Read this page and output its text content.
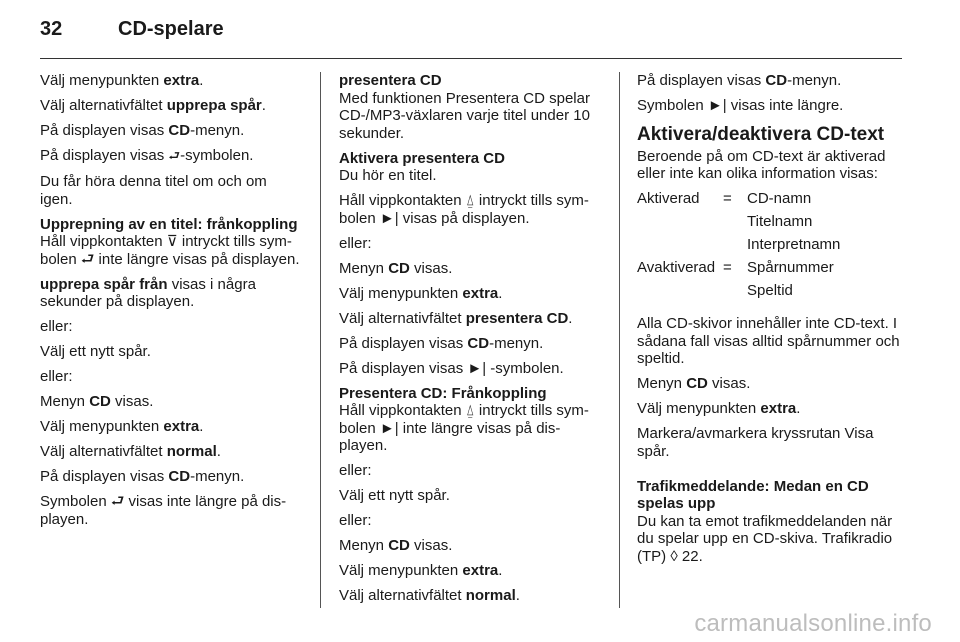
32	CD-spelare
Välj menypunkten extra.
Välj alternativfältet upprepa spår.
På displayen visas CD-menyn.
På displayen visas ⮐-symbolen.
Du får höra denna titel om och om igen.
Upprepning av en titel: frånkoppling
Håll vippkontakten ⊽ intryckt tills symbolen ⮐ inte längre visas på displayen.
upprepa spår från visas i några sekunder på displayen.
eller:
Välj ett nytt spår.
eller:
Menyn CD visas.
Välj menypunkten extra.
Välj alternativfältet normal.
På displayen visas CD-menyn.
Symbolen ⮐ visas inte längre på displayen.
presentera CD
Med funktionen Presentera CD spelar CD-/MP3-växlaren varje titel under 10 sekunder.
Aktivera presentera CD
Du hör en titel.
Håll vippkontakten ⍙ intryckt tills symbolen ►| visas på displayen.
eller:
Menyn CD visas.
Välj menypunkten extra.
Välj alternativfältet presentera CD.
På displayen visas CD-menyn.
På displayen visas ►| -symbolen.
Presentera CD: Frånkoppling
Håll vippkontakten ⍙ intryckt tills symbolen ►| inte längre visas på displayen.
eller:
Välj ett nytt spår.
eller:
Menyn CD visas.
Välj menypunkten extra.
Välj alternativfältet normal.
På displayen visas CD-menyn.
Symbolen ►| visas inte längre.
Aktivera/deaktivera CD-text
Beroende på om CD-text är aktiverad eller inte kan olika information visas:
Aktiverad	=	CD-namn
		Titelnamn
		Interpretnamn
Avaktiverad	=	Spårnummer
		Speltid
Alla CD-skivor innehåller inte CD-text. I sådana fall visas alltid spårnummer och speltid.
Menyn CD visas.
Välj menypunkten extra.
Markera/avmarkera kryssrutan Visa spår.
Trafikmeddelande: Medan en CD spelas upp
Du kan ta emot trafikmeddelanden när du spelar upp en CD-skiva. Trafikradio (TP) ◊ 22.
carmanualsonline.info
